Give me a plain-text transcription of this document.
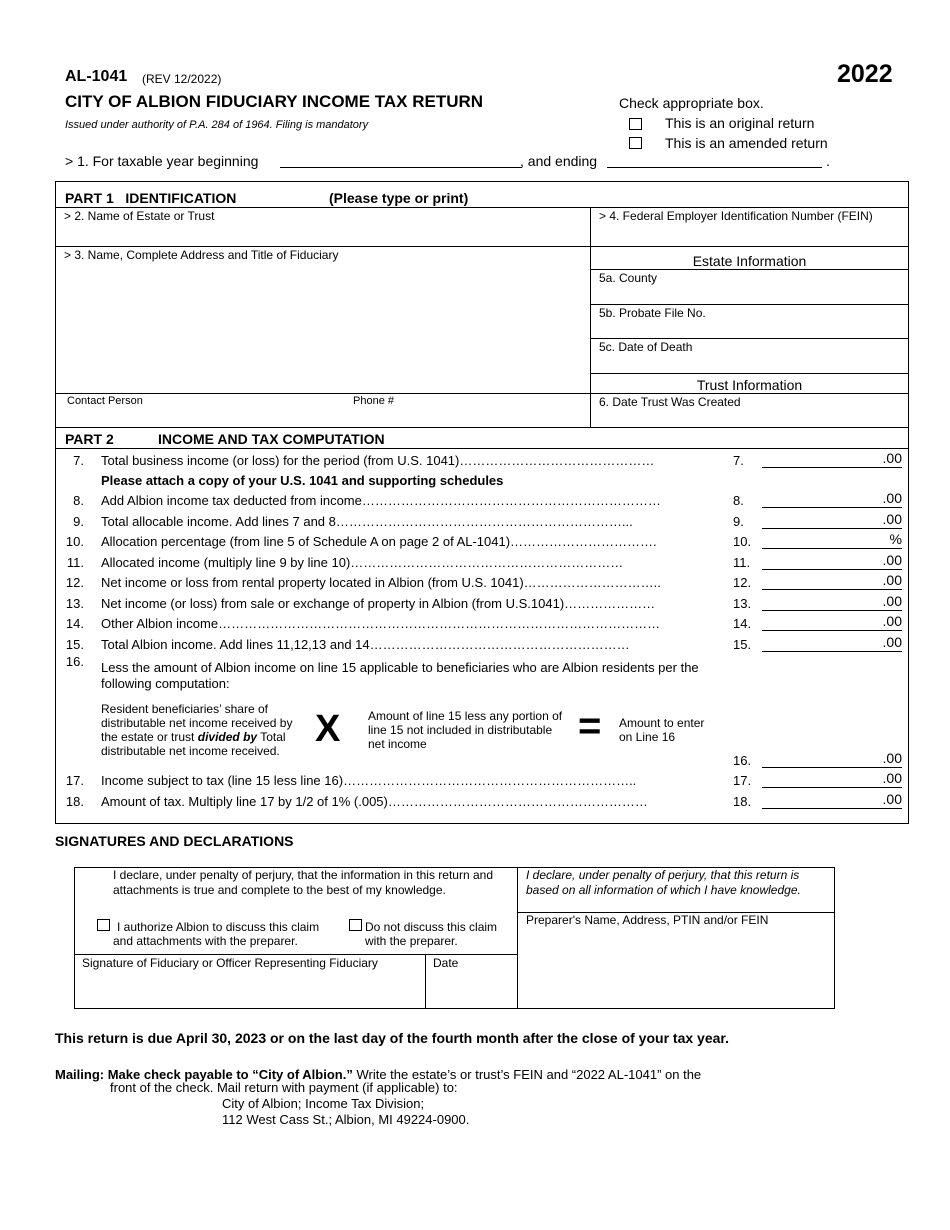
AL-1041 (REV 12/2022)	2022
CITY OF ALBION FIDUCIARY INCOME TAX RETURN
Issued under authority of P.A. 284 of 1964. Filing is mandatory
Check appropriate box.
This is an original return
This is an amended return
> 1. For taxable year beginning	, and ending	.
PART 1   IDENTIFICATION	(Please type or print)
> 2. Name of Estate or Trust	> 4. Federal Employer Identification Number (FEIN)
> 3. Name, Complete Address and Title of Fiduciary	Estate Information
5a. County
5b. Probate File No.
5c. Date of Death
Trust Information
Contact Person	Phone #	6. Date Trust Was Created
PART 2	INCOME AND TAX COMPUTATION
7. Total business income (or loss) for the period (from U.S. 1041)………………………………………	7.	.00
Please attach a copy of your U.S. 1041 and supporting schedules
8. Add Albion income tax deducted from income……………………………………………………………	8.	.00
9. Total allocable income. Add lines 7 and 8…………………………………………………………...	9.	.00
10. Allocation percentage (from line 5 of Schedule A on page 2 of AL-1041)…………………………….	10.	%
11. Allocated income (multiply line 9 by line 10)………………………………………………………	11.	.00
12. Net income or loss from rental property located in Albion (from U.S. 1041)…………………………..	12.	.00
13. Net income (or loss) from sale or exchange of property in Albion (from U.S.1041)…………………	13.	.00
14. Other Albion income…………………………………………………………………………………………	14.	.00
15. Total Albion income. Add lines 11,12,13 and 14……………………………………………………	15.	.00
16. Less the amount of Albion income on line 15 applicable to beneficiaries who are Albion residents per the following computation:
Resident beneficiaries’ share of distributable net income received by the estate or trust divided by Total distributable net income received.
X Amount of line 15 less any portion of line 15 not included in distributable net income	= Amount to enter on Line 16
16.	.00
17. Income subject to tax (line 15 less line 16)…………………………………………………………..	17.	.00
18. Amount of tax. Multiply line 17 by 1/2 of 1% (.005)……………………………………………………	18.	.00
SIGNATURES AND DECLARATIONS
I declare, under penalty of perjury, that the information in this return and attachments is true and complete to the best of my knowledge.
I authorize Albion to discuss this claim and attachments with the preparer.
Do not discuss this claim with the preparer.
Signature of Fiduciary or Officer Representing Fiduciary	Date
I declare, under penalty of perjury, that this return is based on all information of which I have knowledge.
Preparer's Name, Address, PTIN and/or FEIN
This return is due April 30, 2023 or on the last day of the fourth month after the close of your tax year.
Mailing: Make check payable to “City of Albion.” Write the estate’s or trust’s FEIN and “2022 AL-1041” on the
front of the check. Mail return with payment (if applicable) to:
City of Albion; Income Tax Division;
112 West Cass St.; Albion, MI 49224-0900.
